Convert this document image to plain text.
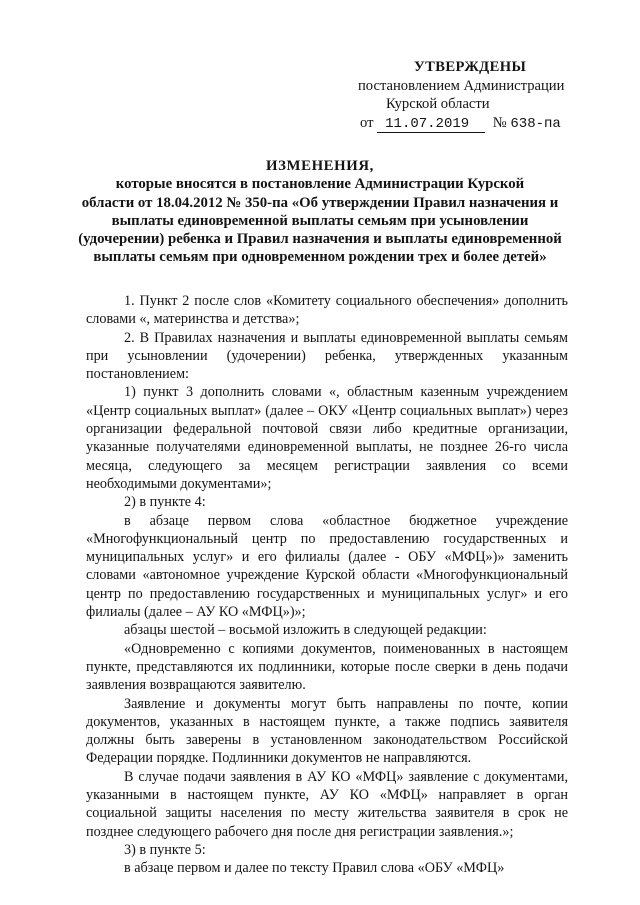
УТВЕРЖДЕНЫ
постановлением Администрации
Курской области
от 11.07.2019 № 638-па
ИЗМЕНЕНИЯ,
которые вносятся в постановление Администрации Курской
области от 18.04.2012 № 350-па «Об утверждении Правил назначения и
выплаты единовременной выплаты семьям при усыновлении
(удочерении) ребенка и Правил назначения и выплаты единовременной
выплаты семьям при одновременном рождении трех и более детей»

1. Пункт 2 после слов «Комитету социального обеспечения» дополнить словами «, материнства и детства»;

2. В Правилах назначения и выплаты единовременной выплаты семьям при усыновлении (удочерении) ребенка, утвержденных указанным постановлением:

1) пункт 3 дополнить словами «, областным казенным учреждением «Центр социальных выплат» (далее – ОКУ «Центр социальных выплат») через организации федеральной почтовой связи либо кредитные организации, указанные получателями единовременной выплаты, не позднее 26-го числа месяца, следующего за месяцем регистрации заявления со всеми необходимыми документами»;

2) в пункте 4:

в абзаце первом слова «областное бюджетное учреждение «Многофункциональный центр по предоставлению государственных и муниципальных услуг» и его филиалы (далее - ОБУ «МФЦ»)» заменить словами «автономное учреждение Курской области «Многофункциональный центр по предоставлению государственных и муниципальных услуг» и его филиалы (далее – АУ КО «МФЦ»)»;

абзацы шестой – восьмой изложить в следующей редакции:

«Одновременно с копиями документов, поименованных в настоящем пункте, представляются их подлинники, которые после сверки в день подачи заявления возвращаются заявителю.

Заявление и документы могут быть направлены по почте, копии документов, указанных в настоящем пункте, а также подпись заявителя должны быть заверены в установленном законодательством Российской Федерации порядке. Подлинники документов не направляются.

В случае подачи заявления в АУ КО «МФЦ» заявление с документами, указанными в настоящем пункте, АУ КО «МФЦ» направляет в орган социальной защиты населения по месту жительства заявителя в срок не позднее следующего рабочего дня после дня регистрации заявления.»;

3) в пункте 5:

в абзаце первом и далее по тексту Правил слова «ОБУ «МФЦ»
